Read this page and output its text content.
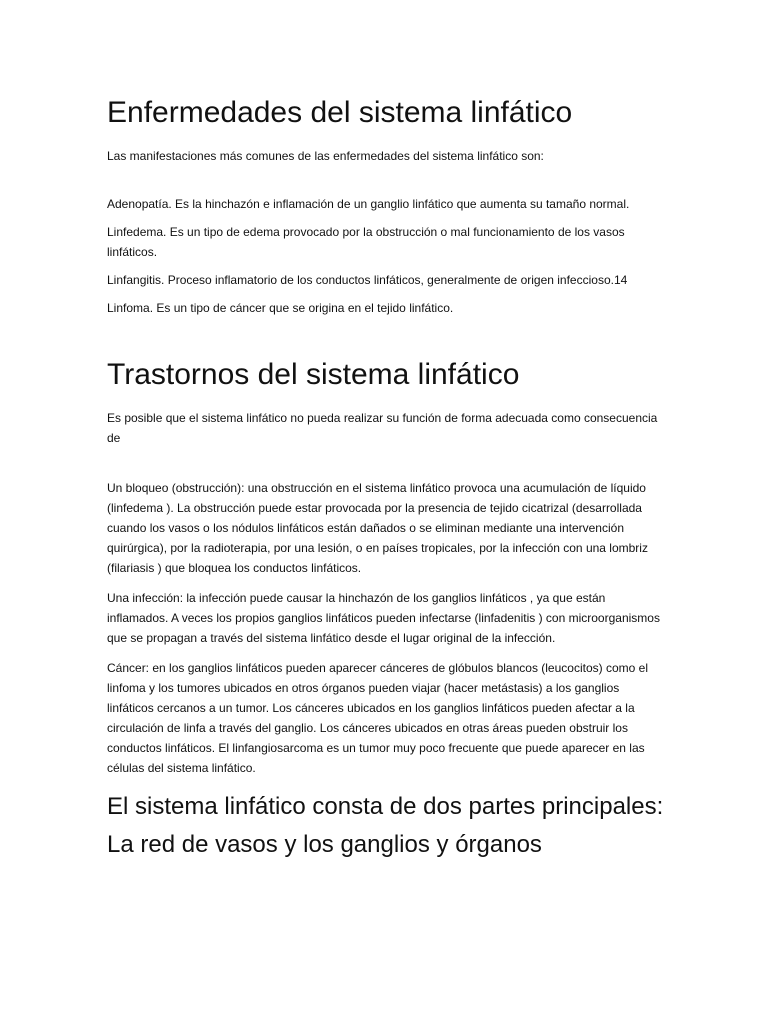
Enfermedades del sistema linfático

Las manifestaciones más comunes de las enfermedades del sistema linfático son:

Adenopatía. Es la hinchazón e inflamación de un ganglio linfático que aumenta su tamaño normal.

Linfedema. Es un tipo de edema provocado por la obstrucción o mal funcionamiento de los vasos linfáticos.

Linfangitis. Proceso inflamatorio de los conductos linfáticos, generalmente de origen infeccioso.14

Linfoma. Es un tipo de cáncer que se origina en el tejido linfático.

Trastornos del sistema linfático

Es posible que el sistema linfático no pueda realizar su función de forma adecuada como consecuencia de

Un bloqueo (obstrucción): una obstrucción en el sistema linfático provoca una acumulación de líquido (linfedema ). La obstrucción puede estar provocada por la presencia de tejido cicatrizal (desarrollada cuando los vasos o los nódulos linfáticos están dañados o se eliminan mediante una intervención quirúrgica), por la radioterapia, por una lesión, o en países tropicales, por la infección con una lombriz (filariasis ) que bloquea los conductos linfáticos.

Una infección: la infección puede causar la hinchazón de los ganglios linfáticos , ya que están inflamados. A veces los propios ganglios linfáticos pueden infectarse (linfadenitis ) con microorganismos que se propagan a través del sistema linfático desde el lugar original de la infección.

Cáncer: en los ganglios linfáticos pueden aparecer cánceres de glóbulos blancos (leucocitos) como el linfoma y los tumores ubicados en otros órganos pueden viajar (hacer metástasis) a los ganglios linfáticos cercanos a un tumor. Los cánceres ubicados en los ganglios linfáticos pueden afectar a la circulación de linfa a través del ganglio. Los cánceres ubicados en otras áreas pueden obstruir los conductos linfáticos. El linfangiosarcoma es un tumor muy poco frecuente que puede aparecer en las células del sistema linfático.

El sistema linfático consta de dos partes principales: La red de vasos y los ganglios y órganos
